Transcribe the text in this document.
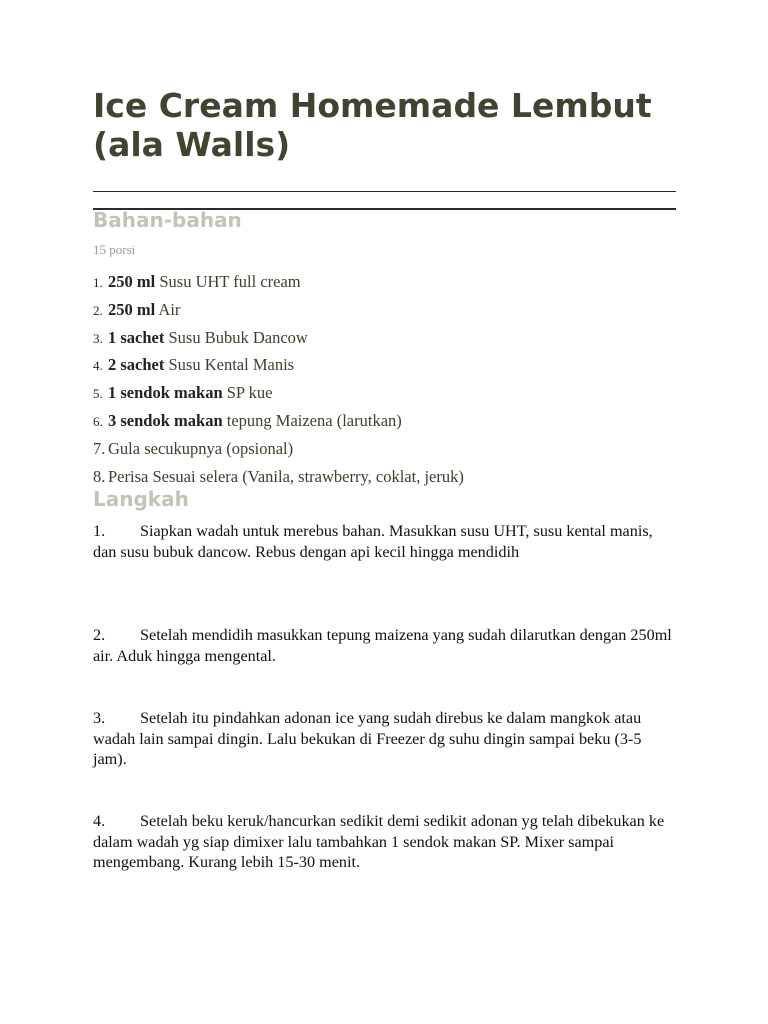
Ice Cream Homemade Lembut (ala Walls)
Bahan-bahan
15 porsi
1. 250 ml Susu UHT full cream
2. 250 ml Air
3. 1 sachet Susu Bubuk Dancow
4. 2 sachet Susu Kental Manis
5. 1 sendok makan SP kue
6. 3 sendok makan tepung Maizena (larutkan)
7. Gula secukupnya (opsional)
8. Perisa Sesuai selera (Vanila, strawberry, coklat, jeruk)
Langkah

1. Siapkan wadah untuk merebus bahan. Masukkan susu UHT, susu kental manis, dan susu bubuk dancow. Rebus dengan api kecil hingga mendidih

2. Setelah mendidih masukkan tepung maizena yang sudah dilarutkan dengan 250ml air. Aduk hingga mengental.

3. Setelah itu pindahkan adonan ice yang sudah direbus ke dalam mangkok atau wadah lain sampai dingin. Lalu bekukan di Freezer dg suhu dingin sampai beku (3-5 jam).

4. Setelah beku keruk/hancurkan sedikit demi sedikit adonan yg telah dibekukan ke dalam wadah yg siap dimixer lalu tambahkan 1 sendok makan SP. Mixer sampai mengembang. Kurang lebih 15-30 menit.
